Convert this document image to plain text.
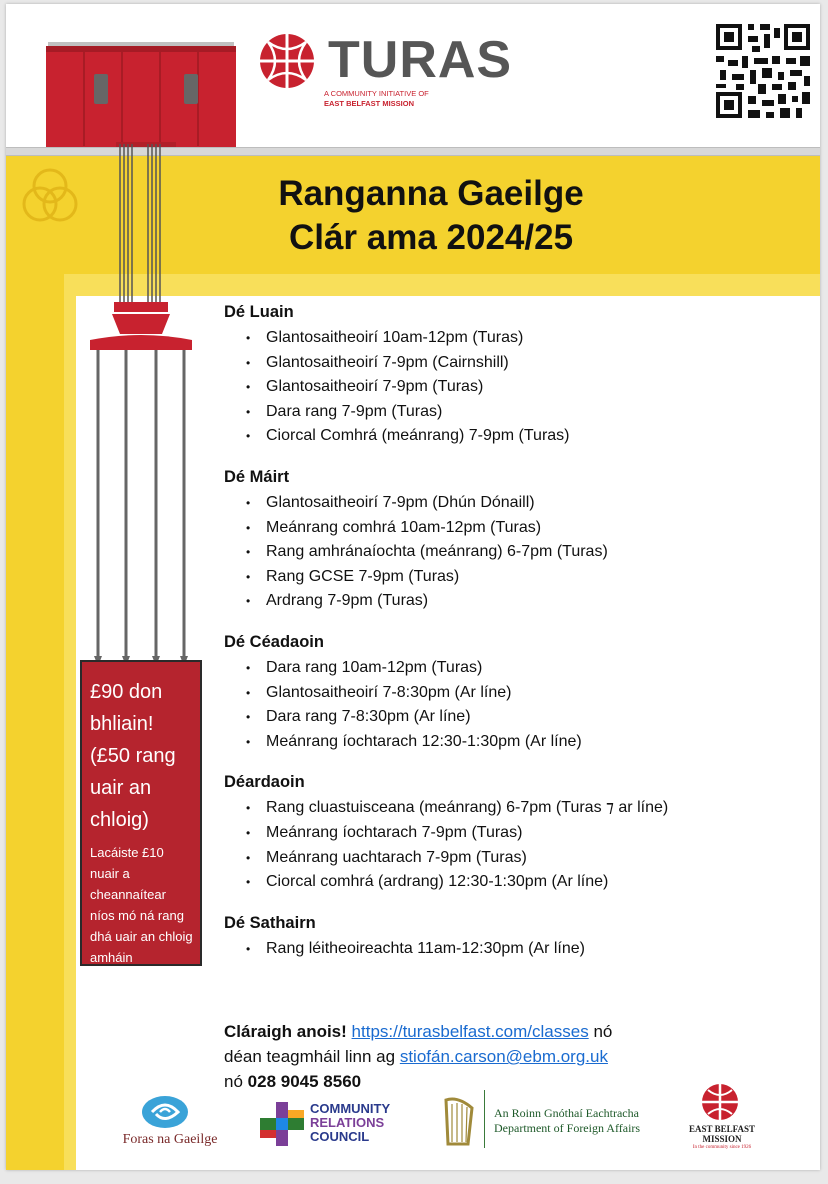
TURAS
A COMMUNITY INITIATIVE OF
EAST BELFAST MISSION
Ranganna Gaeilge
Clár ama 2024/25
Dé Luain
• Glantosaitheoirí 10am-12pm (Turas)
• Glantosaitheoirí 7-9pm (Cairnshill)
• Glantosaitheoirí 7-9pm (Turas)
• Dara rang 7-9pm (Turas)
• Ciorcal Comhrá (meánrang) 7-9pm (Turas)
Dé Máirt
• Glantosaitheoirí 7-9pm (Dhún Dónaill)
• Meánrang comhrá 10am-12pm (Turas)
• Rang amhránaíochta (meánrang) 6-7pm (Turas)
• Rang GCSE 7-9pm (Turas)
• Ardrang 7-9pm (Turas)
Dé Céadaoin
• Dara rang 10am-12pm (Turas)
• Glantosaitheoirí 7-8:30pm (Ar líne)
• Dara rang 7-8:30pm (Ar líne)
• Meánrang íochtarach 12:30-1:30pm (Ar líne)
Déardaoin
• Rang cluastuisceana (meánrang) 6-7pm (Turas ⁊ ar líne)
• Meánrang íochtarach 7-9pm (Turas)
• Meánrang uachtarach 7-9pm (Turas)
• Ciorcal comhrá (ardrang) 12:30-1:30pm (Ar líne)
Dé Sathairn
• Rang léitheoireachta 11am-12:30pm (Ar líne)
Cláraigh anois! https://turasbelfast.com/classes nó
déan teagmháil linn ag stiofán.carson@ebm.org.uk
nó 028 9045 8560
£90 don
bhliain!
(£50 rang
uair an
chloig)
Lacáiste £10 nuair a cheannaítear níos mó ná rang dhá uair an chloig amháin
Foras na Gaeilge
COMMUNITY
RELATIONS
COUNCIL
An Roinn Gnóthaí Eachtracha
Department of Foreign Affairs	EAST BELFAST
MISSION
In the community since 1926
